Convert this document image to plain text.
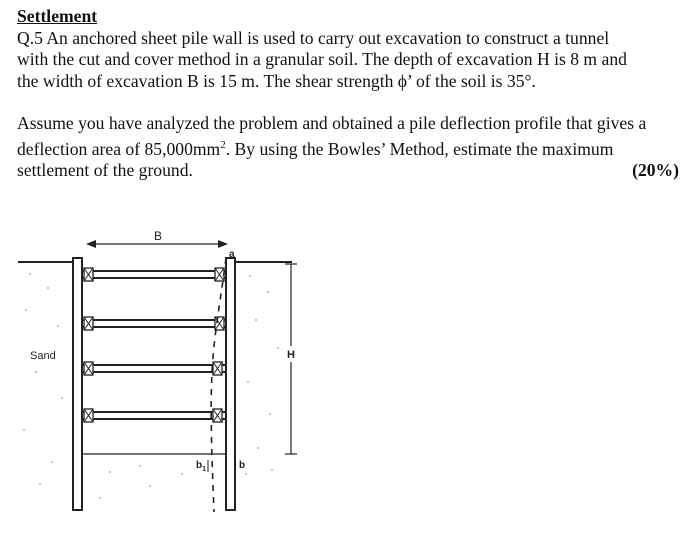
Settlement
Q.5 An anchored sheet pile wall is used to carry out excavation to construct a tunnel
with the cut and cover method in a granular soil. The depth of excavation H is 8 m and
the width of excavation B is 15 m. The shear strength ϕ’ of the soil is 35°.
Assume you have analyzed the problem and obtained a pile deflection profile that gives a
deflection area of $85,000mm^2$. By using the Bowles’ Method, estimate the maximum
settlement of the ground.	(20%)
B
a
H
Sand
$b_1$	b
